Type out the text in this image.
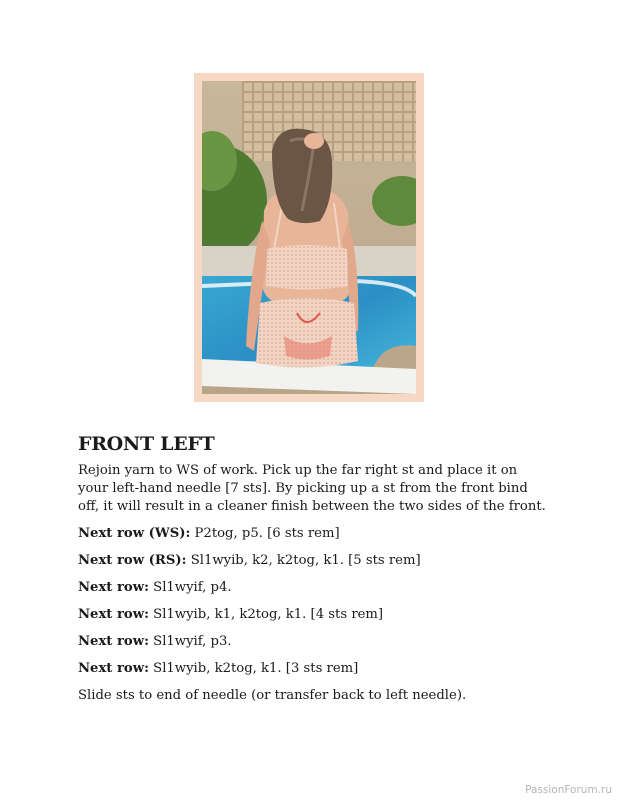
FRONT LEFT

Rejoin yarn to WS of work. Pick up the far right st and place it on your left-hand needle [7 sts]. By picking up a st from the front bind off, it will result in a cleaner finish between the two sides of the front.

Next row (WS): P2tog, p5. [6 sts rem]

Next row (RS): Sl1wyib, k2, k2tog, k1. [5 sts rem]

Next row: Sl1wyif, p4.

Next row: Sl1wyib, k1, k2tog, k1. [4 sts rem]

Next row: Sl1wyif, p3.

Next row: Sl1wyib, k2tog, k1. [3 sts rem]

Slide sts to end of needle (or transfer back to left needle).

PassionForum.ru
